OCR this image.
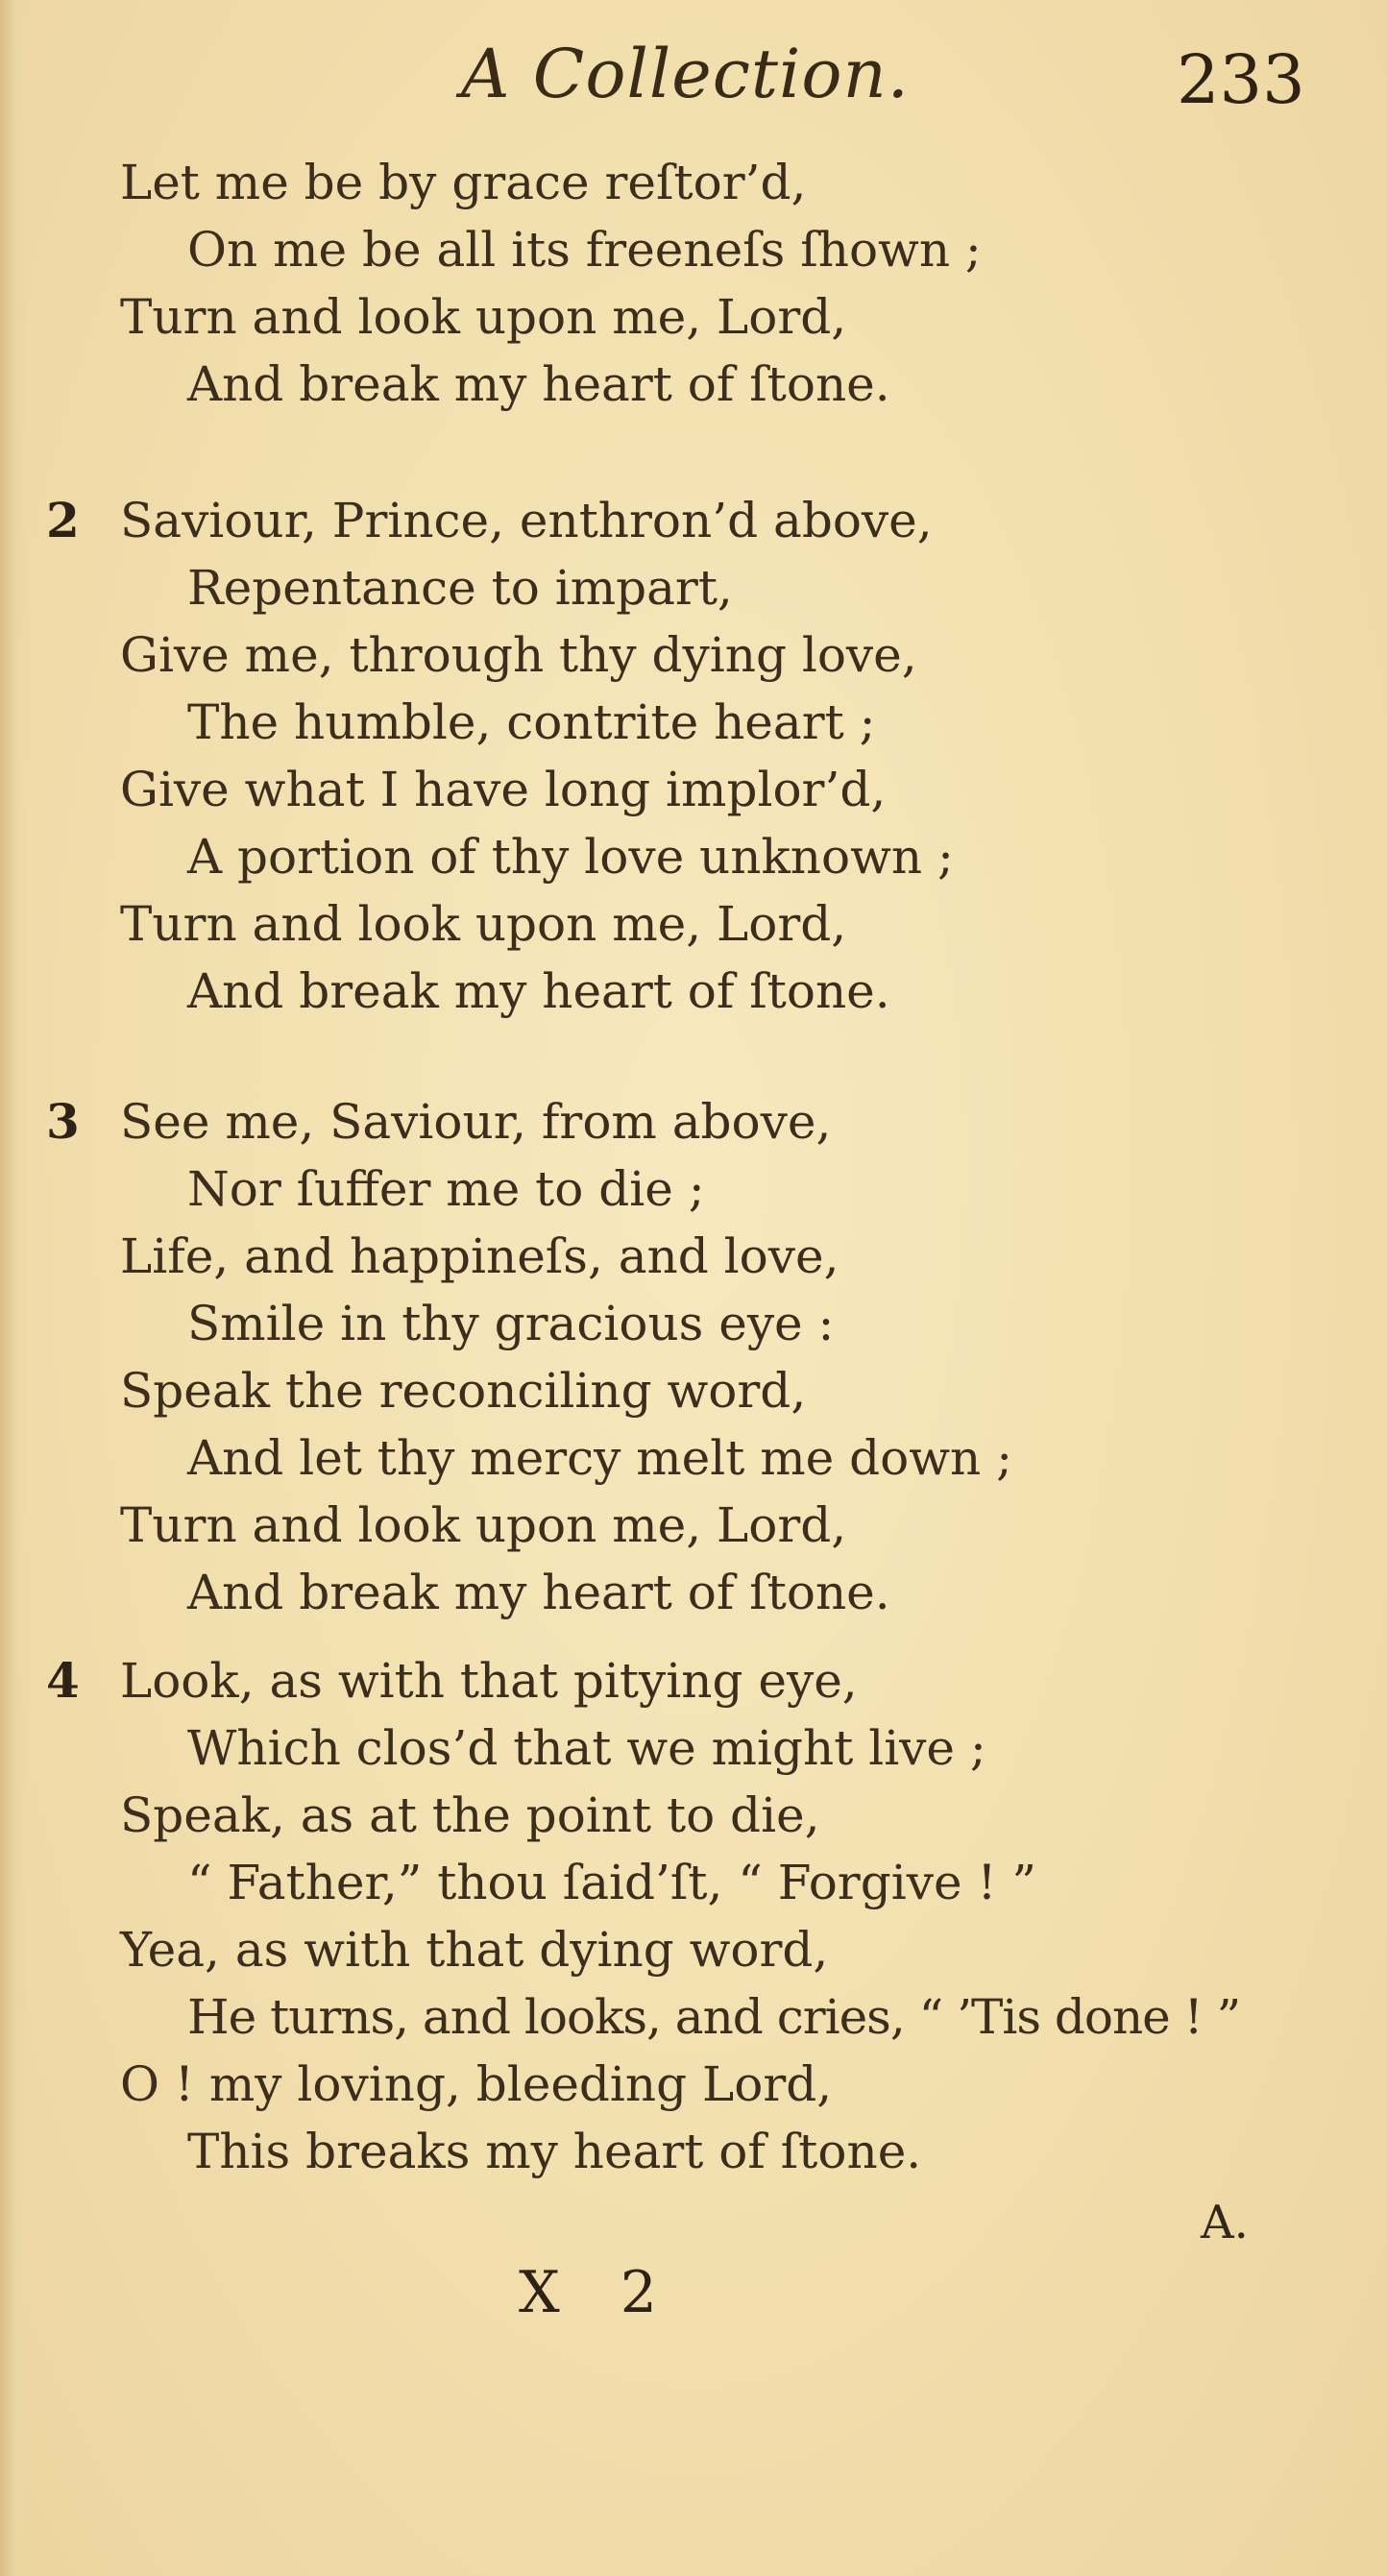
A Collection.	233
Let me be by grace reſtor’d,
On me be all its freeneſs ſhown ;
Turn and look upon me, Lord,
And break my heart of ſtone.
2 Saviour, Prince, enthron’d above,
Repentance to impart,
Give me, through thy dying love,
The humble, contrite heart ;
Give what I have long implor’d,
A portion of thy love unknown ;
Turn and look upon me, Lord,
And break my heart of ſtone.
3 See me, Saviour, from above,
Nor ſuffer me to die ;
Life, and happineſs, and love,
Smile in thy gracious eye :
Speak the reconciling word,
And let thy mercy melt me down ;
Turn and look upon me, Lord,
And break my heart of ſtone.
4 Look, as with that pitying eye,
Which clos’d that we might live ;
Speak, as at the point to die,
“ Father,” thou ſaid’ſt, “ Forgive ! ”
Yea, as with that dying word,
He turns, and looks, and cries, “ ’Tis done ! ”
O ! my loving, bleeding Lord,
This breaks my heart of ſtone.
A.
X 2
